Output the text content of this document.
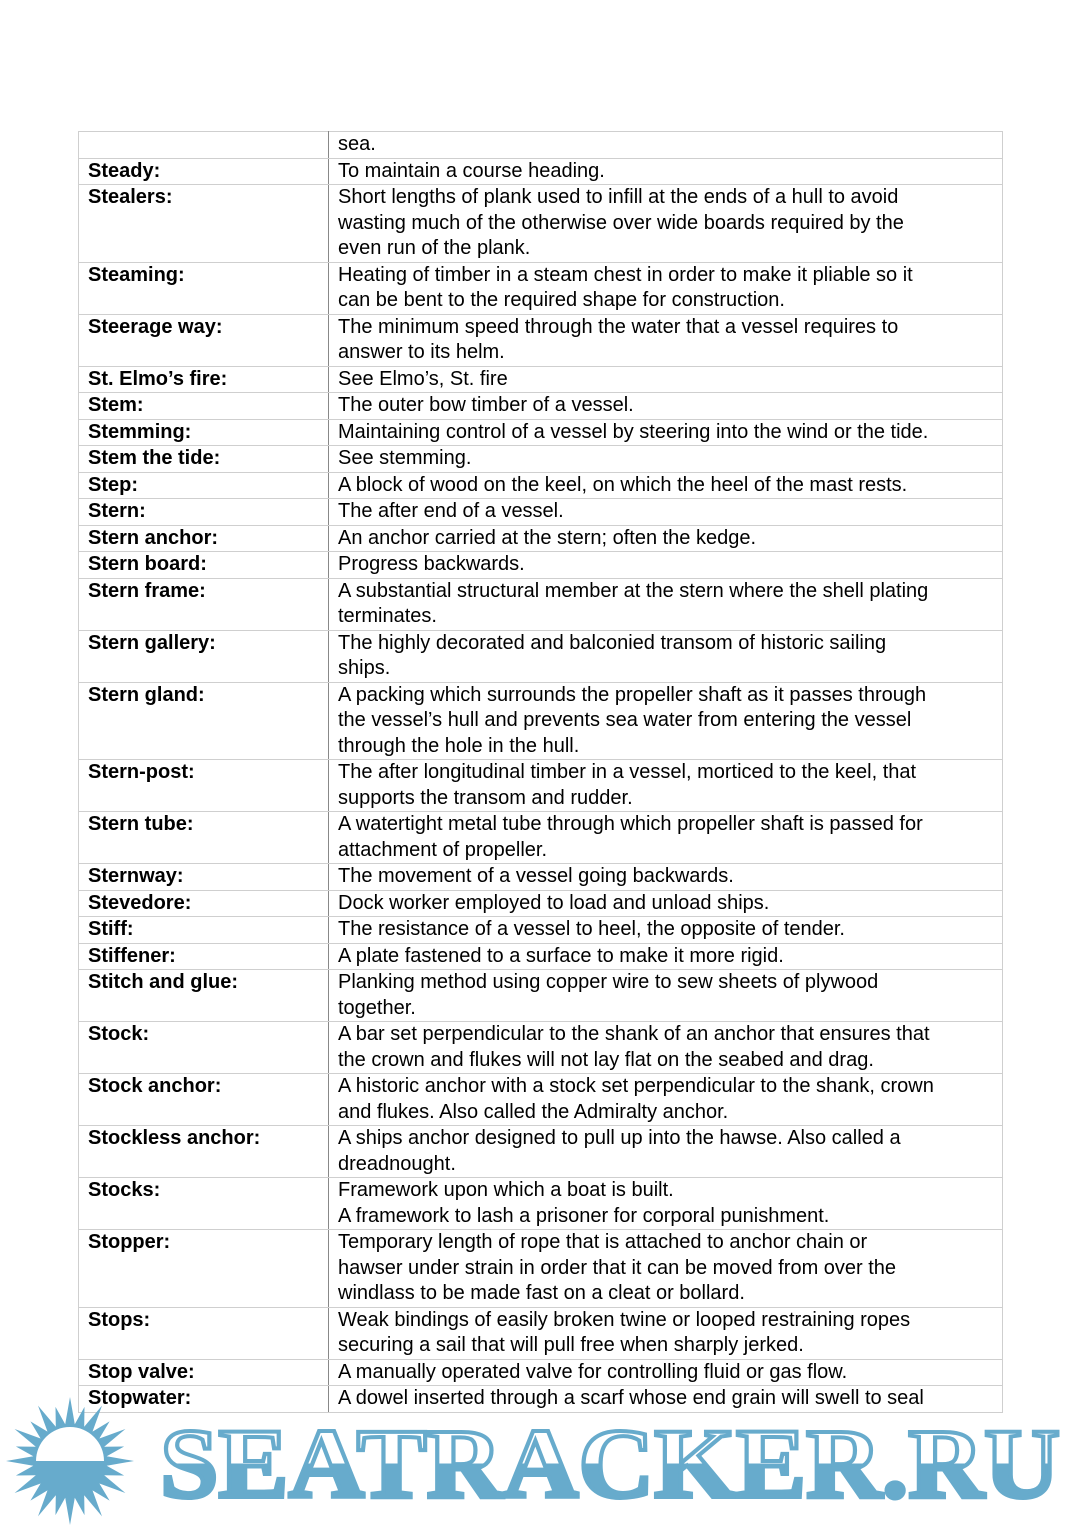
	sea.
Steady:	To maintain a course heading.
Stealers:	Short lengths of plank used to infill at the ends of a hull to avoid
wasting much of the otherwise over wide boards required by the
even run of the plank.
Steaming:	Heating of timber in a steam chest in order to make it pliable so it
can be bent to the required shape for construction.
Steerage way:	The minimum speed through the water that a vessel requires to
answer to its helm.
St. Elmo’s fire:	See Elmo’s, St. fire
Stem:	The outer bow timber of a vessel.
Stemming:	Maintaining control of a vessel by steering into the wind or the tide.
Stem the tide:	See stemming.
Step:	A block of wood on the keel, on which the heel of the mast rests.
Stern:	The after end of a vessel.
Stern anchor:	An anchor carried at the stern; often the kedge.
Stern board:	Progress backwards.
Stern frame:	A substantial structural member at the stern where the shell plating
terminates.
Stern gallery:	The highly decorated and balconied transom of historic sailing
ships.
Stern gland:	A packing which surrounds the propeller shaft as it passes through
the vessel’s hull and prevents sea water from entering the vessel
through the hole in the hull.
Stern-post:	The after longitudinal timber in a vessel, morticed to the keel, that
supports the transom and rudder.
Stern tube:	A watertight metal tube through which propeller shaft is passed for
attachment of propeller.
Sternway:	The movement of a vessel going backwards.
Stevedore:	Dock worker employed to load and unload ships.
Stiff:	The resistance of a vessel to heel, the opposite of tender.
Stiffener:	A plate fastened to a surface to make it more rigid.
Stitch and glue:	Planking method using copper wire to sew sheets of plywood
together.
Stock:	A bar set perpendicular to the shank of an anchor that ensures that
the crown and flukes will not lay flat on the seabed and drag.
Stock anchor:	A historic anchor with a stock set perpendicular to the shank, crown
and flukes. Also called the Admiralty anchor.
Stockless anchor:	A ships anchor designed to pull up into the hawse. Also called a
dreadnought.
Stocks:	Framework upon which a boat is built.
A framework to lash a prisoner for corporal punishment.
Stopper:	Temporary length of rope that is attached to anchor chain or
hawser under strain in order that it can be moved from over the
windlass to be made fast on a cleat or bollard.
Stops:	Weak bindings of easily broken twine or looped restraining ropes
securing a sail that will pull free when sharply jerked.
Stop valve:	A manually operated valve for controlling fluid or gas flow.
Stopwater:	A dowel inserted through a scarf whose end grain will swell to seal
SEATRACKER.RU
